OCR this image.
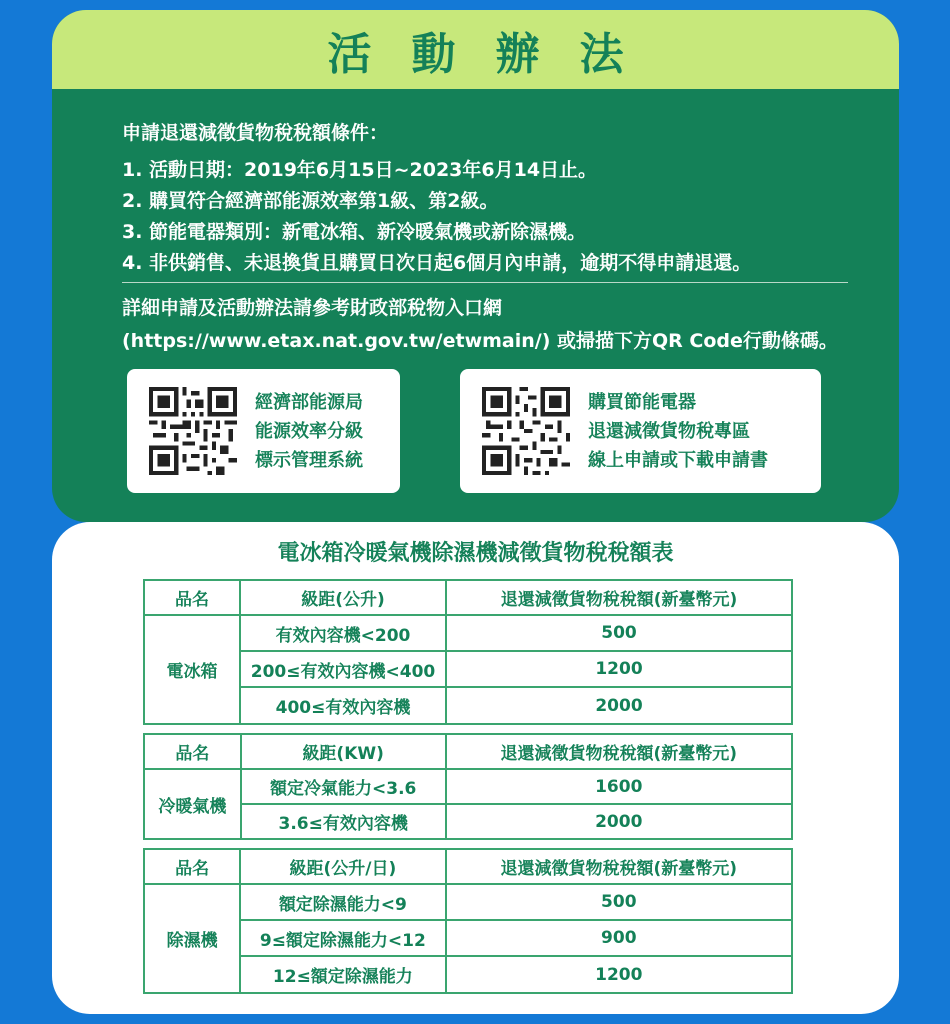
活動辦法
申請退還減徵貨物稅稅額條件：
1. 活動日期：2019年6月15日~2023年6月14日止。
2. 購買符合經濟部能源效率第1級、第2級。
3. 節能電器類別：新電冰箱、新冷暖氣機或新除濕機。
4. 非供銷售、未退換貨且購買日次日起6個月內申請，逾期不得申請退還。
詳細申請及活動辦法請參考財政部稅物入口網
(https://www.etax.nat.gov.tw/etwmain/) 或掃描下方QR Code行動條碼。
經濟部能源局
能源效率分級
標示管理系統
購買節能電器
退還減徵貨物稅專區
線上申請或下載申請書
電冰箱冷暖氣機除濕機減徵貨物稅稅額表
品名	級距(公升)	退還減徵貨物稅稅額(新臺幣元)
電冰箱	有效內容機<200	500
	200≤有效內容機<400	1200
	400≤有效內容機	2000
品名	級距(KW)	退還減徵貨物稅稅額(新臺幣元)
冷暖氣機	額定冷氣能力<3.6	1600
	3.6≤有效內容機	2000
品名	級距(公升/日)	退還減徵貨物稅稅額(新臺幣元)
除濕機	額定除濕能力<9	500
	9≤額定除濕能力<12	900
	12≤額定除濕能力	1200
